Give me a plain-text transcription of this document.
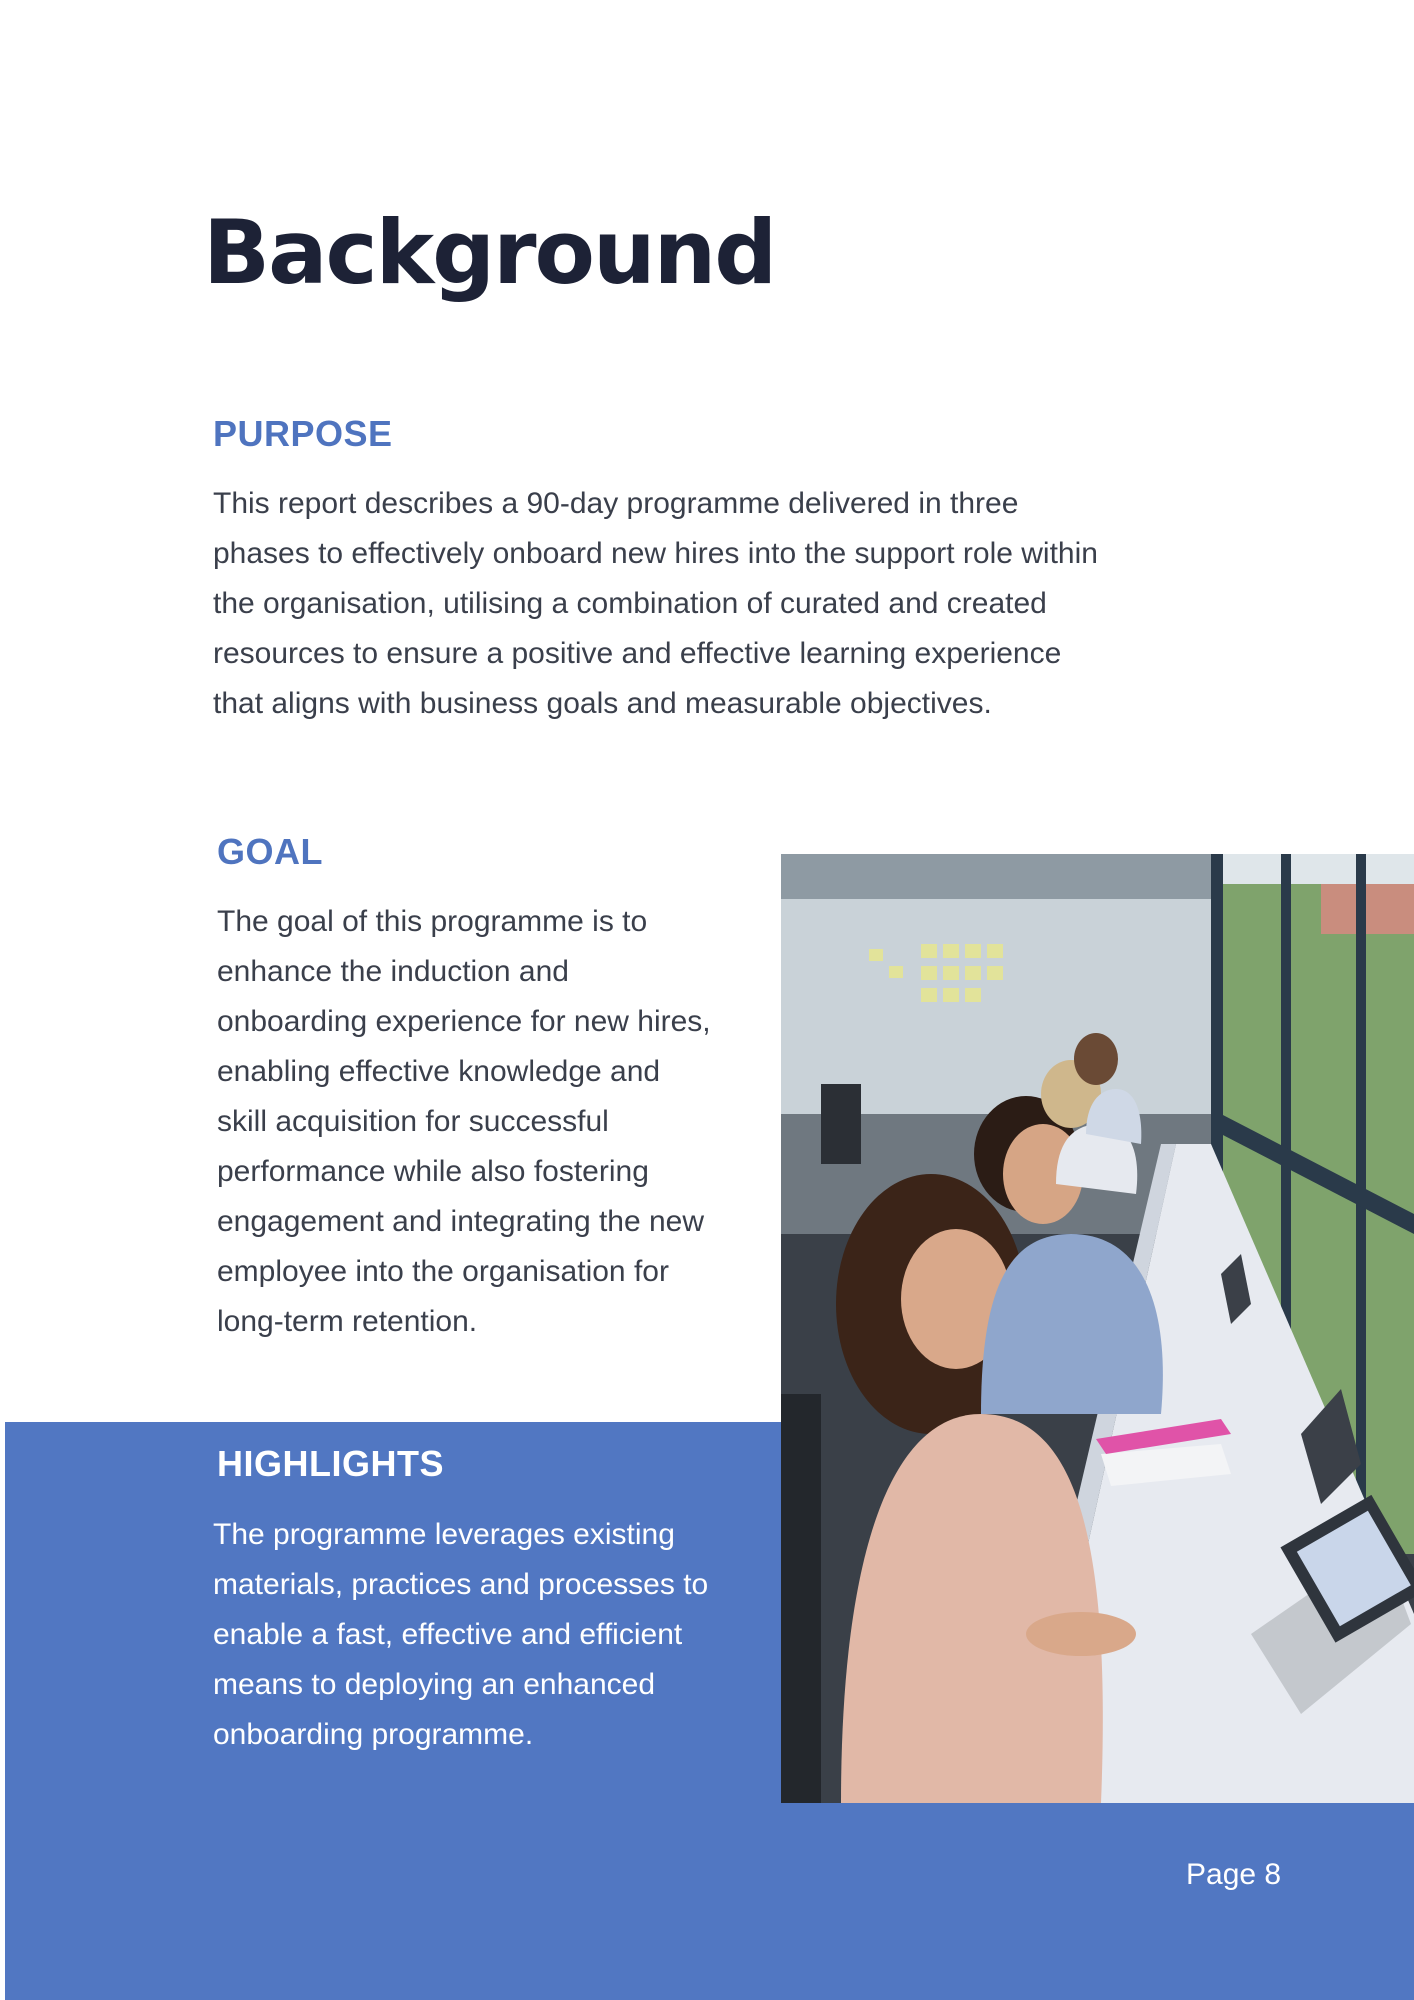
Background
PURPOSE

This report describes a 90-day programme delivered in three phases to effectively onboard new hires into the support role within the organisation, utilising a combination of curated and created resources to ensure a positive and effective learning experience that aligns with business goals and measurable objectives.

GOAL

The goal of this programme is to enhance the induction and onboarding experience for new hires, enabling effective knowledge and skill acquisition for successful performance while also fostering engagement and integrating the new employee into the organisation for long-term retention.

HIGHLIGHTS

The programme leverages existing materials, practices and processes to enable a fast, effective and efficient means to deploying an enhanced onboarding programme.

Page 8
